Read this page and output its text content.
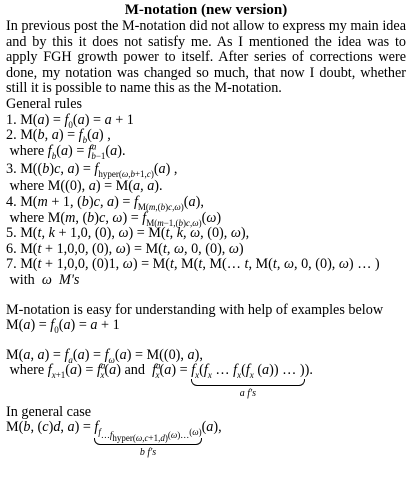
M-notation (new version)

In previous post the M-notation did not allow to express my main idea and by this it does not satisfy me. As I mentioned the idea was to apply FGH growth power to itself. After series of corrections were done, my notation was changed so much, that now I doubt, whether still it is possible to name this as the M-notation.

General rules

1. $M(a) = f_0(a) = a + 1$

2. M(b, $a) = f_b(a)$ ,

where $f_b(a) = f^a_{b-1}(a)$.

3. M((b)c, $a) = f_{hyper(\omega,b+1,c)}(a)$ ,

where M((0), a) = M(a, a).

4. M(m + 1, (b)c, $a) = f_{M(m,(b)c,\omega)}(a)$,

where M(m, (b)c, $\omega) = f_{M(m-1,(b)c,\omega)}(\omega)$

5. M(t, k + 1,0, (0), ω) = M(t, k, ω, (0), ω),

6. M(t + 1,0,0, (0), ω) = M(t, ω, 0, (0), ω)

7. M(t + 1,0,0, (0)1, ω) = M(t, M(t, M(… t, M(t, ω, 0, (0), ω) … )

with  ω M's

M-notation is easy for understanding with help of examples below

$M(a) = f_0(a) = a + 1$

M(a, $a) = f_a(a) = f_\omega(a) = M((0)$, a),

where $f_{x+1}(a) = f^a_x(a)$ and  $f^a_x(a) = f_x(f_x$ … $f_x(f_x$ (a)) … )
a f's
).

In general case

M(b, (c)d, $a) = f_{f_{\dots f_{hyper(\omega,c+1,d)}(\omega)\dots}(\omega)}$
b f's
(a),
